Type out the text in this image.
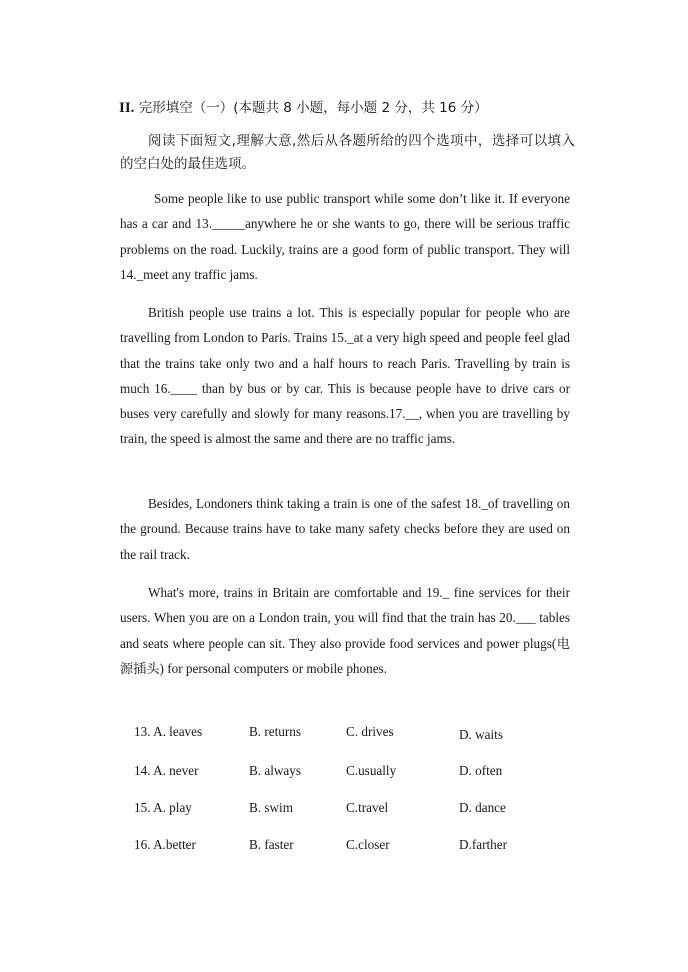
II. 完形填空（一）(本题共 8 小题，每小题 2 分，共 16 分）
阅读下面短文,理解大意,然后从各题所给的四个选项中，选择可以填入的空白处的最佳选项。
Some people like to use public transport while some don’t like it. If everyone has a car and 13._____anywhere he or she wants to go, there will be serious traffic problems on the road. Luckily, trains are a good form of public transport. They will 14._meet any traffic jams.
British people use trains a lot. This is especially popular for people who are travelling from London to Paris. Trains 15._at a very high speed and people feel glad that the trains take only two and a half hours to reach Paris. Travelling by train is much 16.____ than by bus or by car. This is because people have to drive cars or buses very carefully and slowly for many reasons.17.__, when you are travelling by train, the speed is almost the same and there are no traffic jams.
Besides, Londoners think taking a train is one of the safest 18._of travelling on the ground. Because trains have to take many safety checks before they are used on the rail track.
What's more, trains in Britain are comfortable and 19._ fine services for their users. When you are on a London train, you will find that the train has 20.___ tables and seats where people can sit. They also provide food services and power plugs(电源插头) for personal computers or mobile phones.
13. A. leaves	B. returns	C. drives	D. waits
14. A. never	B. always	C.usually	D. often
15. A. play	B. swim	C.travel	D. dance
16. A.better	B. faster	C.closer	D.farther
